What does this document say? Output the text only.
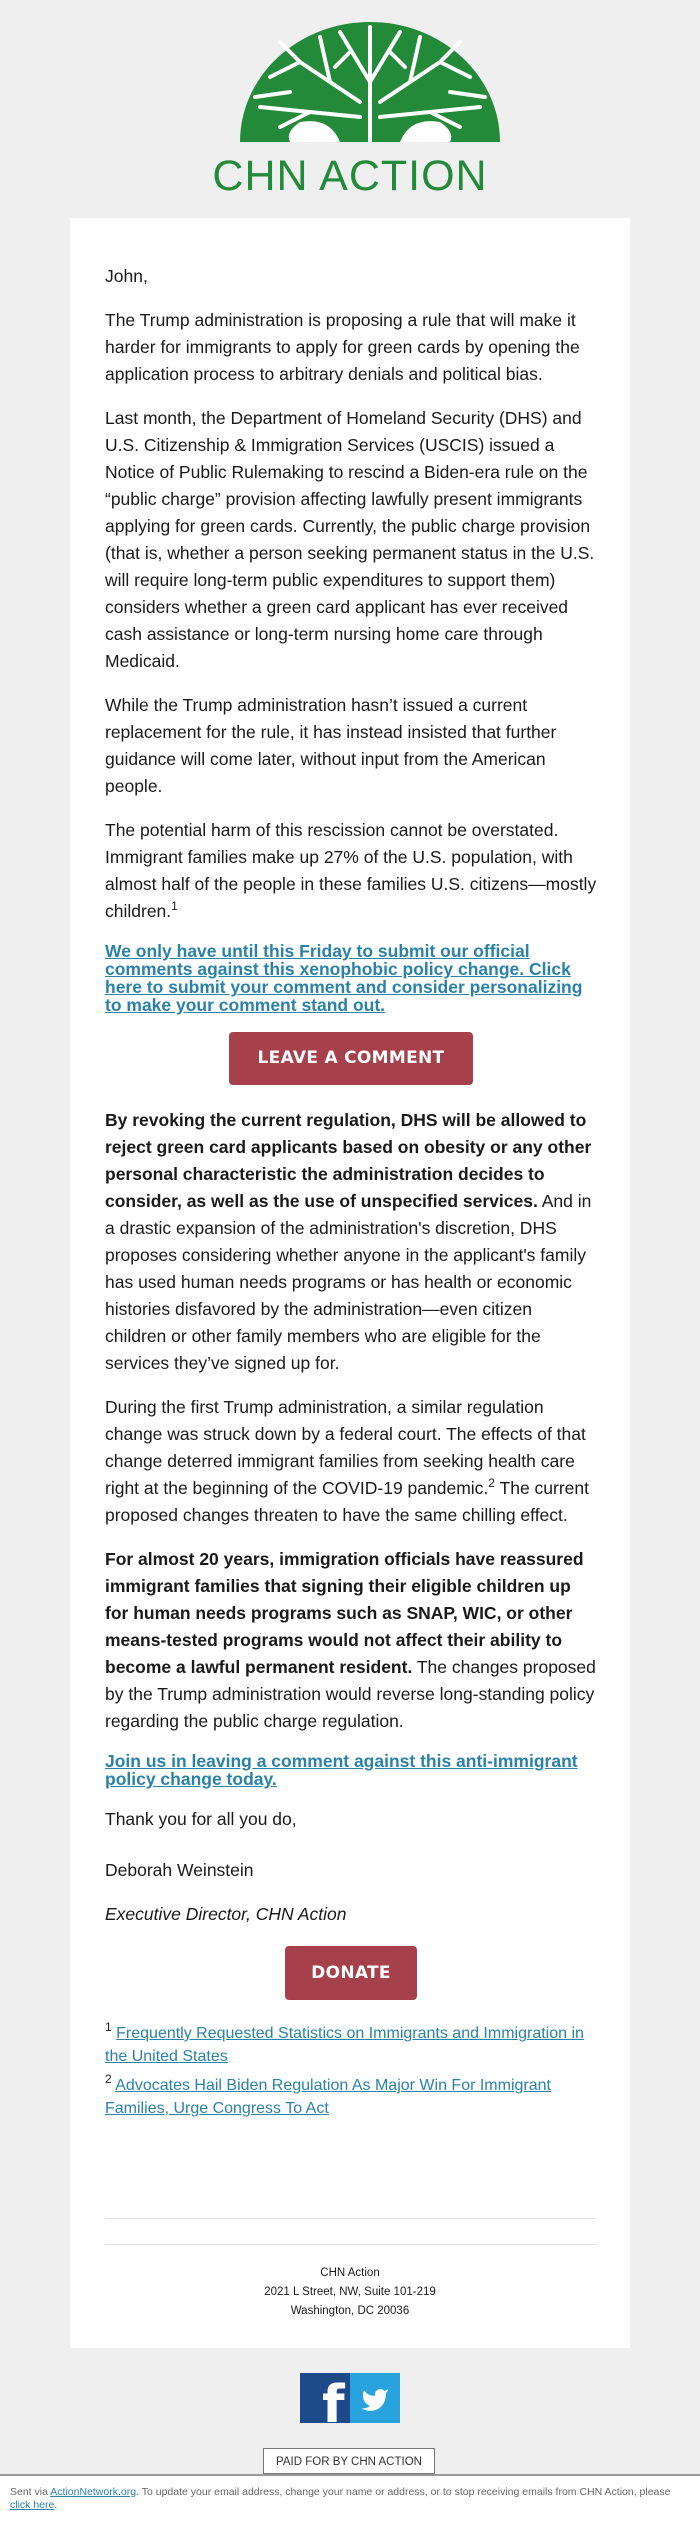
CHN ACTION

John,

The Trump administration is proposing a rule that will make it harder for immigrants to apply for green cards by opening the application process to arbitrary denials and political bias.

Last month, the Department of Homeland Security (DHS) and U.S. Citizenship & Immigration Services (USCIS) issued a Notice of Public Rulemaking to rescind a Biden-era rule on the “public charge” provision affecting lawfully present immigrants applying for green cards. Currently, the public charge provision (that is, whether a person seeking permanent status in the U.S. will require long-term public expenditures to support them) considers whether a green card applicant has ever received cash assistance or long-term nursing home care through Medicaid.

While the Trump administration hasn’t issued a current replacement for the rule, it has instead insisted that further guidance will come later, without input from the American people.

The potential harm of this rescission cannot be overstated. Immigrant families make up 27% of the U.S. population, with almost half of the people in these families U.S. citizens—mostly children.$^1$

We only have until this Friday to submit our official comments against this xenophobic policy change. Click here to submit your comment and consider personalizing to make your comment stand out.
LEAVE A COMMENT

By revoking the current regulation, DHS will be allowed to reject green card applicants based on obesity or any other personal characteristic the administration decides to consider, as well as the use of unspecified services. And in a drastic expansion of the administration's discretion, DHS proposes considering whether anyone in the applicant's family has used human needs programs or has health or economic histories disfavored by the administration—even citizen children or other family members who are eligible for the services they’ve signed up for.

During the first Trump administration, a similar regulation change was struck down by a federal court. The effects of that change deterred immigrant families from seeking health care right at the beginning of the COVID-19 pandemic.$^2$ The current proposed changes threaten to have the same chilling effect.

For almost 20 years, immigration officials have reassured immigrant families that signing their eligible children up for human needs programs such as SNAP, WIC, or other means-tested programs would not affect their ability to become a lawful permanent resident. The changes proposed by the Trump administration would reverse long-standing policy regarding the public charge regulation.

Join us in leaving a comment against this anti-immigrant policy change today.

Thank you for all you do,

Deborah Weinstein

Executive Director, CHN Action

DONATE
$^1$ Frequently Requested Statistics on Immigrants and Immigration in the United States
$^2$ Advocates Hail Biden Regulation As Major Win For Immigrant Families, Urge Congress To Act
CHN Action
2021 L Street, NW, Suite 101-219
Washington, DC 20036
f
PAID FOR BY CHN ACTION
Sent via ActionNetwork.org. To update your email address, change your name or address, or to stop receiving emails from CHN Action, please click here.
